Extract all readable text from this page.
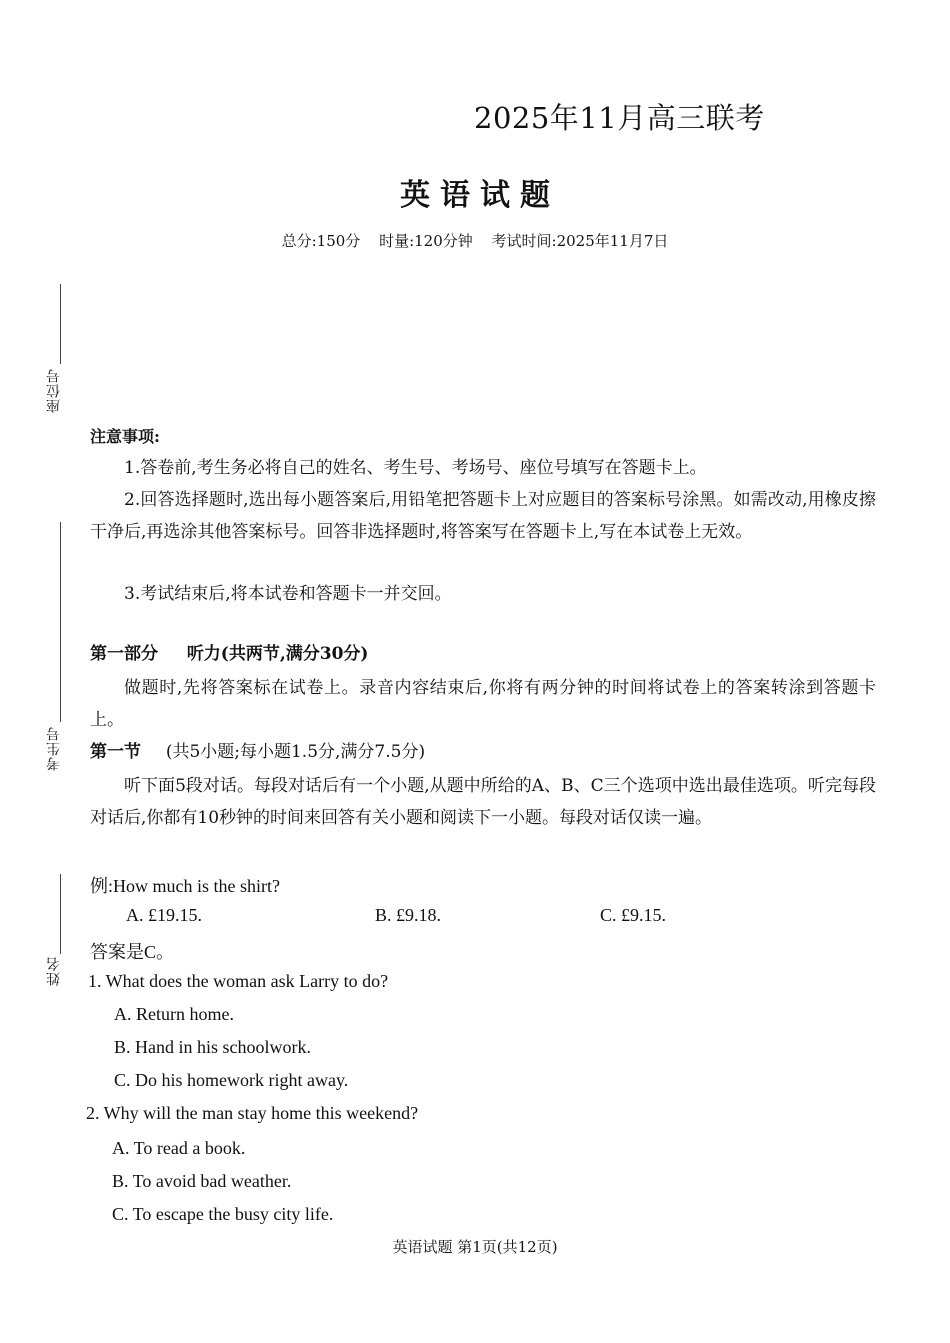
2025年11月高三联考
英语试题
总分:150分 时量:120分钟 考试时间:2025年11月7日
座位号
考生号
姓名
注意事项:
1.答卷前,考生务必将自己的姓名、考生号、考场号、座位号填写在答题卡上。
2.回答选择题时,选出每小题答案后,用铅笔把答题卡上对应题目的答案标号涂黑。如需改动,用橡皮擦干净后,再选涂其他答案标号。回答非选择题时,将答案写在答题卡上,写在本试卷上无效。
3.考试结束后,将本试卷和答题卡一并交回。
第一部分 听力(共两节,满分30分)
做题时,先将答案标在试卷上。录音内容结束后,你将有两分钟的时间将试卷上的答案转涂到答题卡上。
第一节 (共5小题;每小题1.5分,满分7.5分)
听下面5段对话。每段对话后有一个小题,从题中所给的A、B、C三个选项中选出最佳选项。听完每段对话后,你都有10秒钟的时间来回答有关小题和阅读下一小题。每段对话仅读一遍。
例:How much is the shirt?
A. £19.15.	B. £9.18.	C. £9.15.
答案是C。
1. What does the woman ask Larry to do?
A. Return home.
B. Hand in his schoolwork.
C. Do his homework right away.
2. Why will the man stay home this weekend?
A. To read a book.
B. To avoid bad weather.
C. To escape the busy city life.
英语试题 第1页(共12页)
